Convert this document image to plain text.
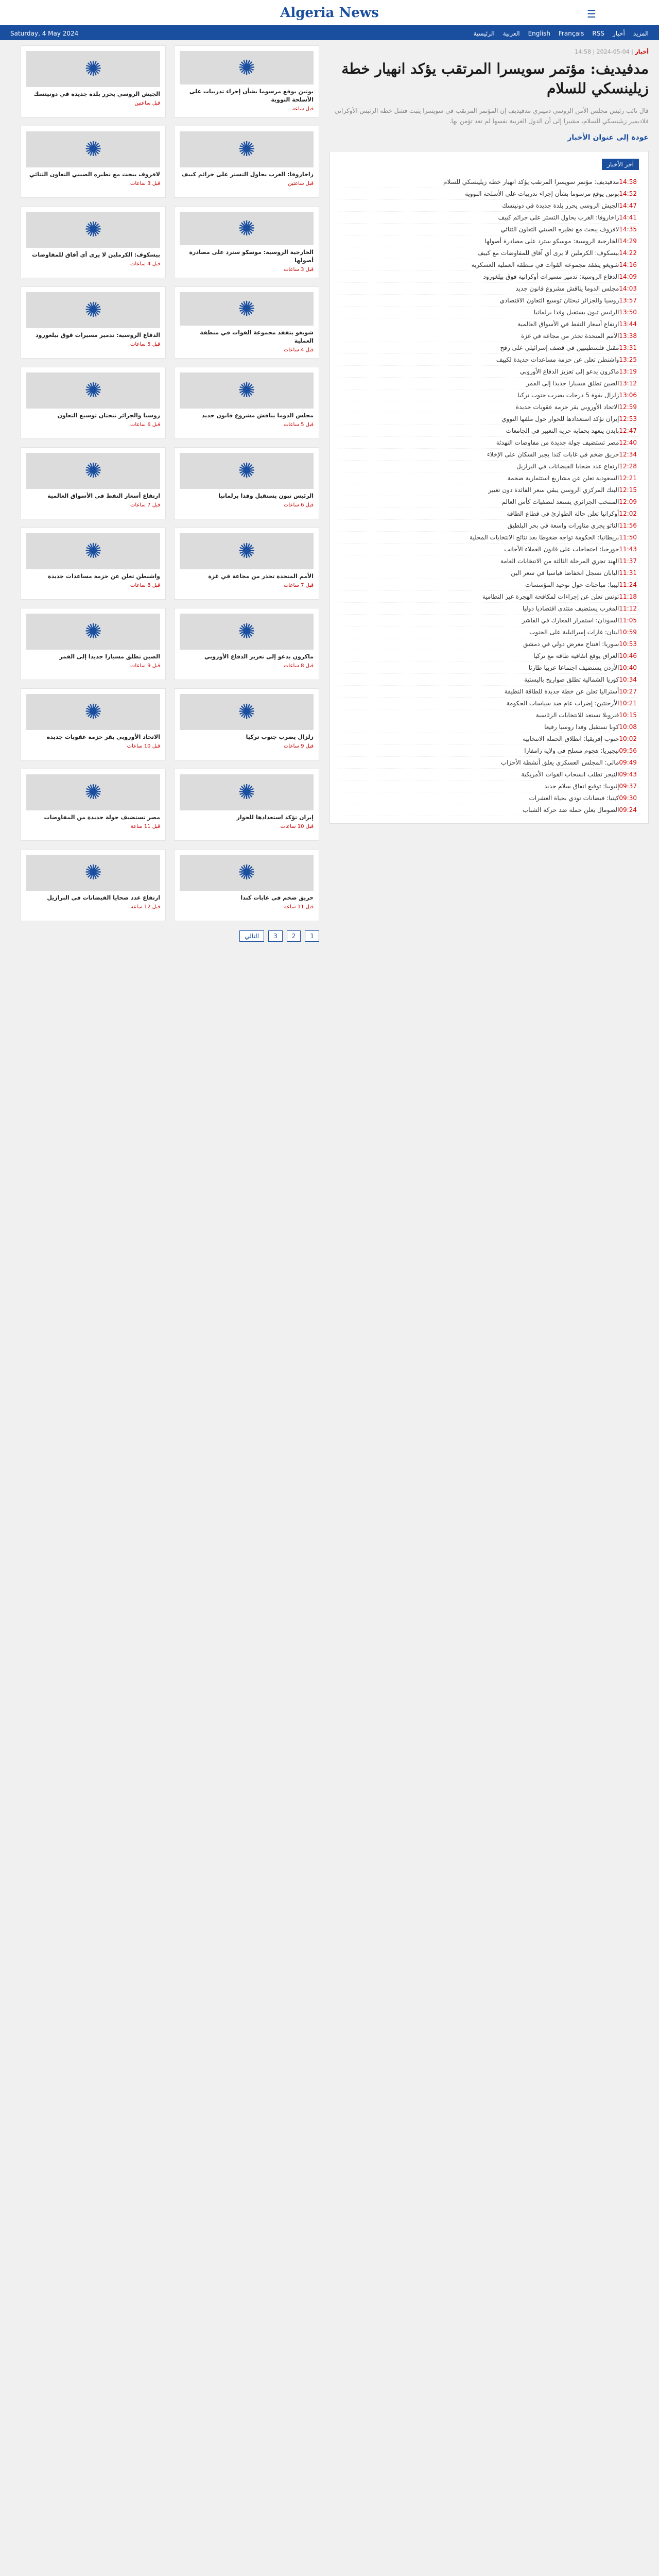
Algeria News	☰
Saturday, 4 May 2024	الرئيسية العربية English Français RSS أخبار المزيد
أخبار | 04-05-2024 | 14:58
مدفيديف: مؤتمر سويسرا المرتقب يؤكد انهيار خطة زيلينسكي للسلام
قال نائب رئيس مجلس الأمن الروسي دميتري مدفيديف إن المؤتمر المرتقب في سويسرا يثبت فشل خطة الرئيس الأوكراني فلاديمير زيلينسكي للسلام، مشيرا إلى أن الدول الغربية نفسها لم تعد تؤمن بها.
عودة إلى عنوان الأخبار
آخر الأخبار
14:58مدفيديف: مؤتمر سويسرا المرتقب يؤكد انهيار خطة زيلينسكي للسلام
14:52بوتين يوقع مرسوما بشأن إجراء تدريبات على الأسلحة النووية
14:47الجيش الروسي يحرر بلدة جديدة في دونيتسك
14:41زاخاروفا: الغرب يحاول التستر على جرائم كييف
14:35لافروف يبحث مع نظيره الصيني التعاون الثنائي
14:29الخارجية الروسية: موسكو سترد على مصادرة أصولها
14:22بيسكوف: الكرملين لا يرى أي آفاق للمفاوضات مع كييف
14:16شويغو يتفقد مجموعة القوات في منطقة العملية العسكرية
14:09الدفاع الروسية: تدمير مسيرات أوكرانية فوق بيلغورود
14:03مجلس الدوما يناقش مشروع قانون جديد
13:57روسيا والجزائر تبحثان توسيع التعاون الاقتصادي
13:50الرئيس تبون يستقبل وفدا برلمانيا
13:44ارتفاع أسعار النفط في الأسواق العالمية
13:38الأمم المتحدة تحذر من مجاعة في غزة
13:31مقتل فلسطينيين في قصف إسرائيلي على رفح
13:25واشنطن تعلن عن حزمة مساعدات جديدة لكييف
13:19ماكرون يدعو إلى تعزيز الدفاع الأوروبي
13:12الصين تطلق مسبارا جديدا إلى القمر
13:06زلزال بقوة 5 درجات يضرب جنوب تركيا
12:59الاتحاد الأوروبي يقر حزمة عقوبات جديدة
12:53إيران تؤكد استعدادها للحوار حول ملفها النووي
12:47بايدن يتعهد بحماية حرية التعبير في الجامعات
12:40مصر تستضيف جولة جديدة من مفاوضات التهدئة
12:34حريق ضخم في غابات كندا يجبر السكان على الإخلاء
12:28ارتفاع عدد ضحايا الفيضانات في البرازيل
12:21السعودية تعلن عن مشاريع استثمارية ضخمة
12:15البنك المركزي الروسي يبقي سعر الفائدة دون تغيير
12:09المنتخب الجزائري يستعد لتصفيات كأس العالم
12:02أوكرانيا تعلن حالة الطوارئ في قطاع الطاقة
11:56الناتو يجري مناورات واسعة في بحر البلطيق
11:50بريطانيا: الحكومة تواجه ضغوطا بعد نتائج الانتخابات المحلية
11:43جورجيا: احتجاجات على قانون العملاء الأجانب
11:37الهند تجري المرحلة الثالثة من الانتخابات العامة
11:31اليابان تسجل انخفاضا قياسيا في سعر الين
11:24ليبيا: مباحثات حول توحيد المؤسسات
11:18تونس تعلن عن إجراءات لمكافحة الهجرة غير النظامية
11:12المغرب يستضيف منتدى اقتصاديا دوليا
11:05السودان: استمرار المعارك في الفاشر
10:59لبنان: غارات إسرائيلية على الجنوب
10:53سوريا: افتتاح معرض دولي في دمشق
10:46العراق يوقع اتفاقية طاقة مع تركيا
10:40الأردن يستضيف اجتماعا عربيا طارئا
10:34كوريا الشمالية تطلق صواريخ باليستية
10:27أستراليا تعلن عن خطة جديدة للطاقة النظيفة
10:21الأرجنتين: إضراب عام ضد سياسات الحكومة
10:15فنزويلا تستعد للانتخابات الرئاسية
10:08كوبا تستقبل وفدا روسيا رفيعا
10:02جنوب إفريقيا: انطلاق الحملة الانتخابية
09:56نيجيريا: هجوم مسلح في ولاية زامفارا
09:49مالي: المجلس العسكري يعلق أنشطة الأحزاب
09:43النيجر تطلب انسحاب القوات الأمريكية
09:37إثيوبيا: توقيع اتفاق سلام جديد
09:30كينيا: فيضانات تودي بحياة العشرات
09:24الصومال يعلن حملة ضد حركة الشباب
✺
بوتين يوقع مرسوما بشأن إجراء تدريبات على الأسلحة النووية
قبل ساعة
✺
الجيش الروسي يحرر بلدة جديدة في دونيتسك
قبل ساعتين
✺
زاخاروفا: الغرب يحاول التستر على جرائم كييف
قبل ساعتين
✺
لافروف يبحث مع نظيره الصيني التعاون الثنائي
قبل 3 ساعات
✺
الخارجية الروسية: موسكو سترد على مصادرة أصولها
قبل 3 ساعات
✺
بيسكوف: الكرملين لا يرى أي آفاق للمفاوضات
قبل 4 ساعات
✺
شويغو يتفقد مجموعة القوات في منطقة العملية
قبل 4 ساعات
✺
الدفاع الروسية: تدمير مسيرات فوق بيلغورود
قبل 5 ساعات
✺
مجلس الدوما يناقش مشروع قانون جديد
قبل 5 ساعات
✺
روسيا والجزائر تبحثان توسيع التعاون
قبل 6 ساعات
✺
الرئيس تبون يستقبل وفدا برلمانيا
قبل 6 ساعات
✺
ارتفاع أسعار النفط في الأسواق العالمية
قبل 7 ساعات
✺
الأمم المتحدة تحذر من مجاعة في غزة
قبل 7 ساعات
✺
واشنطن تعلن عن حزمة مساعدات جديدة
قبل 8 ساعات
✺
ماكرون يدعو إلى تعزيز الدفاع الأوروبي
قبل 8 ساعات
✺
الصين تطلق مسبارا جديدا إلى القمر
قبل 9 ساعات
✺
زلزال يضرب جنوب تركيا
قبل 9 ساعات
✺
الاتحاد الأوروبي يقر حزمة عقوبات جديدة
قبل 10 ساعات
✺
إيران تؤكد استعدادها للحوار
قبل 10 ساعات
✺
مصر تستضيف جولة جديدة من المفاوضات
قبل 11 ساعة
✺
حريق ضخم في غابات كندا
قبل 11 ساعة
✺
ارتفاع عدد ضحايا الفيضانات في البرازيل
قبل 12 ساعة
1
2
3
التالي
